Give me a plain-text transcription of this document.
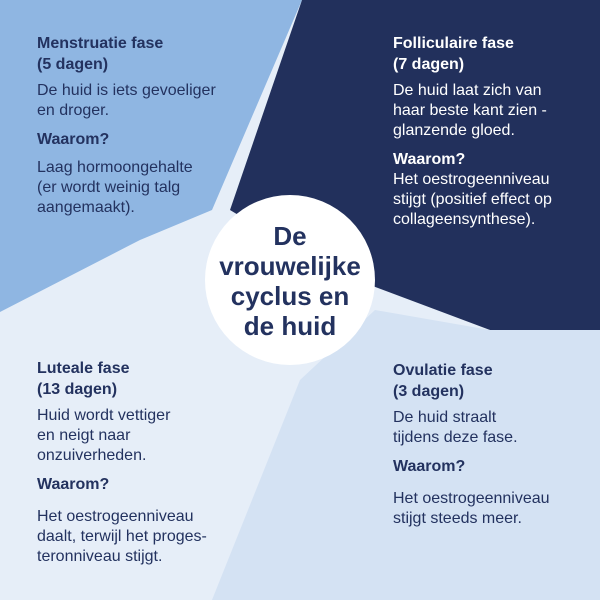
Menstruatie fase
(5 dagen)

De huid is iets gevoeliger
en droger.

Waarom?

Laag hormoongehalte
(er wordt weinig talg
aangemaakt).

Folliculaire fase
(7 dagen)

De huid laat zich van
haar beste kant zien -
glanzende gloed.

Waarom?

Het oestrogeenniveau
stijgt (positief effect op
collageensynthese).

Luteale fase
(13 dagen)

Huid wordt vettiger
en neigt naar
onzuiverheden.

Waarom?

Het oestrogeenniveau
daalt, terwijl het proges-
teronniveau stijgt.

Ovulatie fase
(3 dagen)

De huid straalt
tijdens deze fase.

Waarom?

Het oestrogeenniveau
stijgt steeds meer.

De
vrouwelijke
cyclus en
de huid
